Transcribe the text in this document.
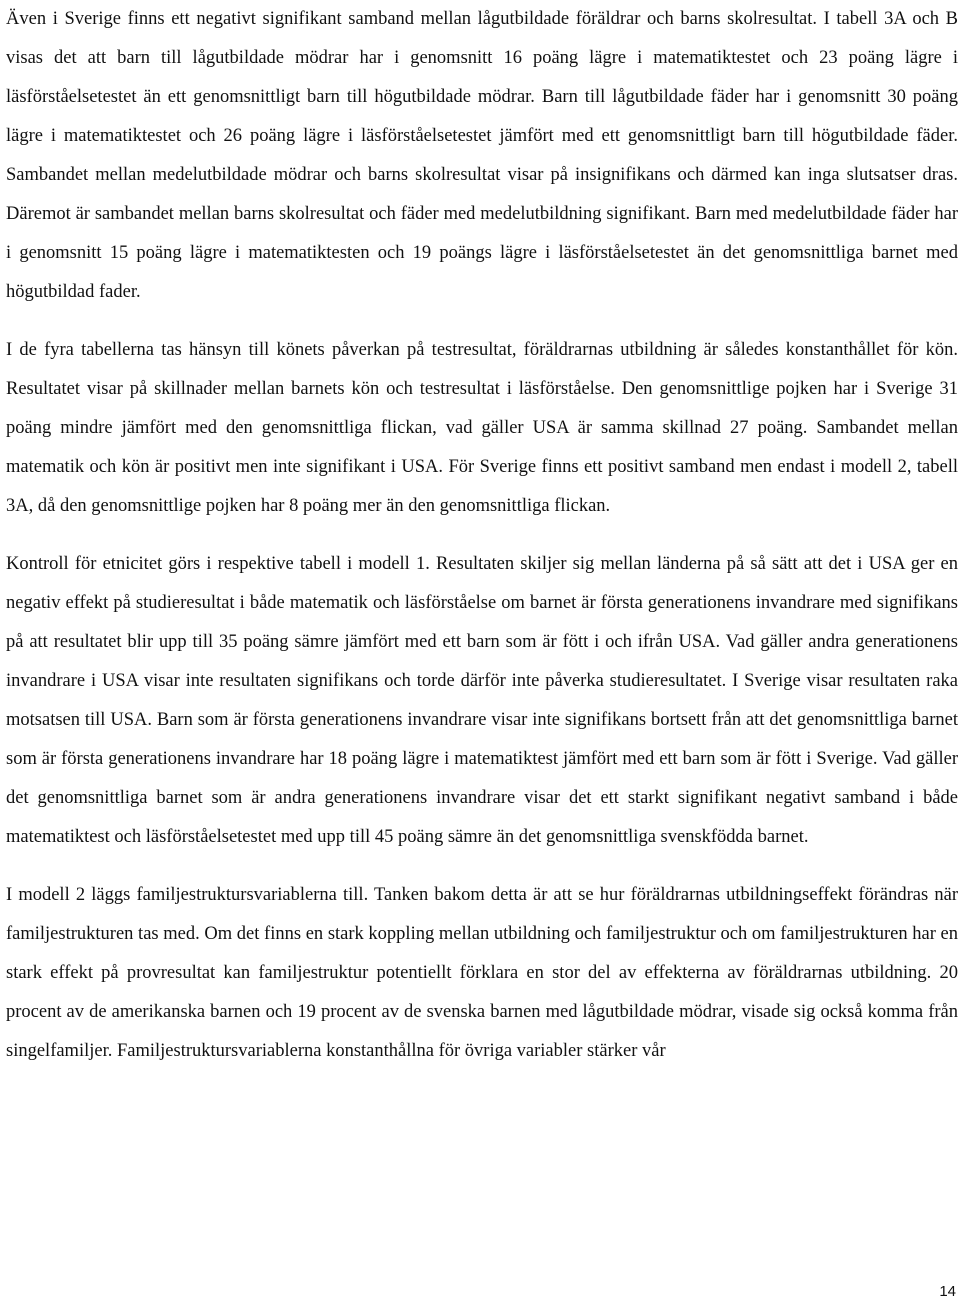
Även i Sverige finns ett negativt signifikant samband mellan lågutbildade föräldrar och barns skolresultat. I tabell 3A och B visas det att barn till lågutbildade mödrar har i genomsnitt 16 poäng lägre i matematiktestet och 23 poäng lägre i läsförståelsetestet än ett genomsnittligt barn till högutbildade mödrar. Barn till lågutbildade fäder har i genomsnitt 30 poäng lägre i matematiktestet och 26 poäng lägre i läsförståelsetestet jämfört med ett genomsnittligt barn till högutbildade fäder. Sambandet mellan medelutbildade mödrar och barns skolresultat visar på insignifikans och därmed kan inga slutsatser dras. Däremot är sambandet mellan barns skolresultat och fäder med medelutbildning signifikant. Barn med medelutbildade fäder har i genomsnitt 15 poäng lägre i matematiktesten och 19 poängs lägre i läsförståelsetestet än det genomsnittliga barnet med högutbildad fader.

I de fyra tabellerna tas hänsyn till könets påverkan på testresultat, föräldrarnas utbildning är således konstanthållet för kön. Resultatet visar på skillnader mellan barnets kön och testresultat i läsförståelse. Den genomsnittlige pojken har i Sverige 31 poäng mindre jämfört med den genomsnittliga flickan, vad gäller USA är samma skillnad 27 poäng. Sambandet mellan matematik och kön är positivt men inte signifikant i USA. För Sverige finns ett positivt samband men endast i modell 2, tabell 3A, då den genomsnittlige pojken har 8 poäng mer än den genomsnittliga flickan.

Kontroll för etnicitet görs i respektive tabell i modell 1. Resultaten skiljer sig mellan länderna på så sätt att det i USA ger en negativ effekt på studieresultat i både matematik och läsförståelse om barnet är första generationens invandrare med signifikans på att resultatet blir upp till 35 poäng sämre jämfört med ett barn som är fött i och ifrån USA. Vad gäller andra generationens invandrare i USA visar inte resultaten signifikans och torde därför inte påverka studieresultatet. I Sverige visar resultaten raka motsatsen till USA. Barn som är första generationens invandrare visar inte signifikans bortsett från att det genomsnittliga barnet som är första generationens invandrare har 18 poäng lägre i matematiktest jämfört med ett barn som är fött i Sverige. Vad gäller det genomsnittliga barnet som är andra generationens invandrare visar det ett starkt signifikant negativt samband i både matematiktest och läsförståelsetestet med upp till 45 poäng sämre än det genomsnittliga svenskfödda barnet.

I modell 2 läggs familjestruktursvariablerna till. Tanken bakom detta är att se hur föräldrarnas utbildningseffekt förändras när familjestrukturen tas med. Om det finns en stark koppling mellan utbildning och familjestruktur och om familjestrukturen har en stark effekt på provresultat kan familjestruktur potentiellt förklara en stor del av effekterna av föräldrarnas utbildning. 20 procent av de amerikanska barnen och 19 procent av de svenska barnen med lågutbildade mödrar, visade sig också komma från singelfamiljer. Familjestruktursvariablerna konstanthållna för övriga variabler stärker vår

14
